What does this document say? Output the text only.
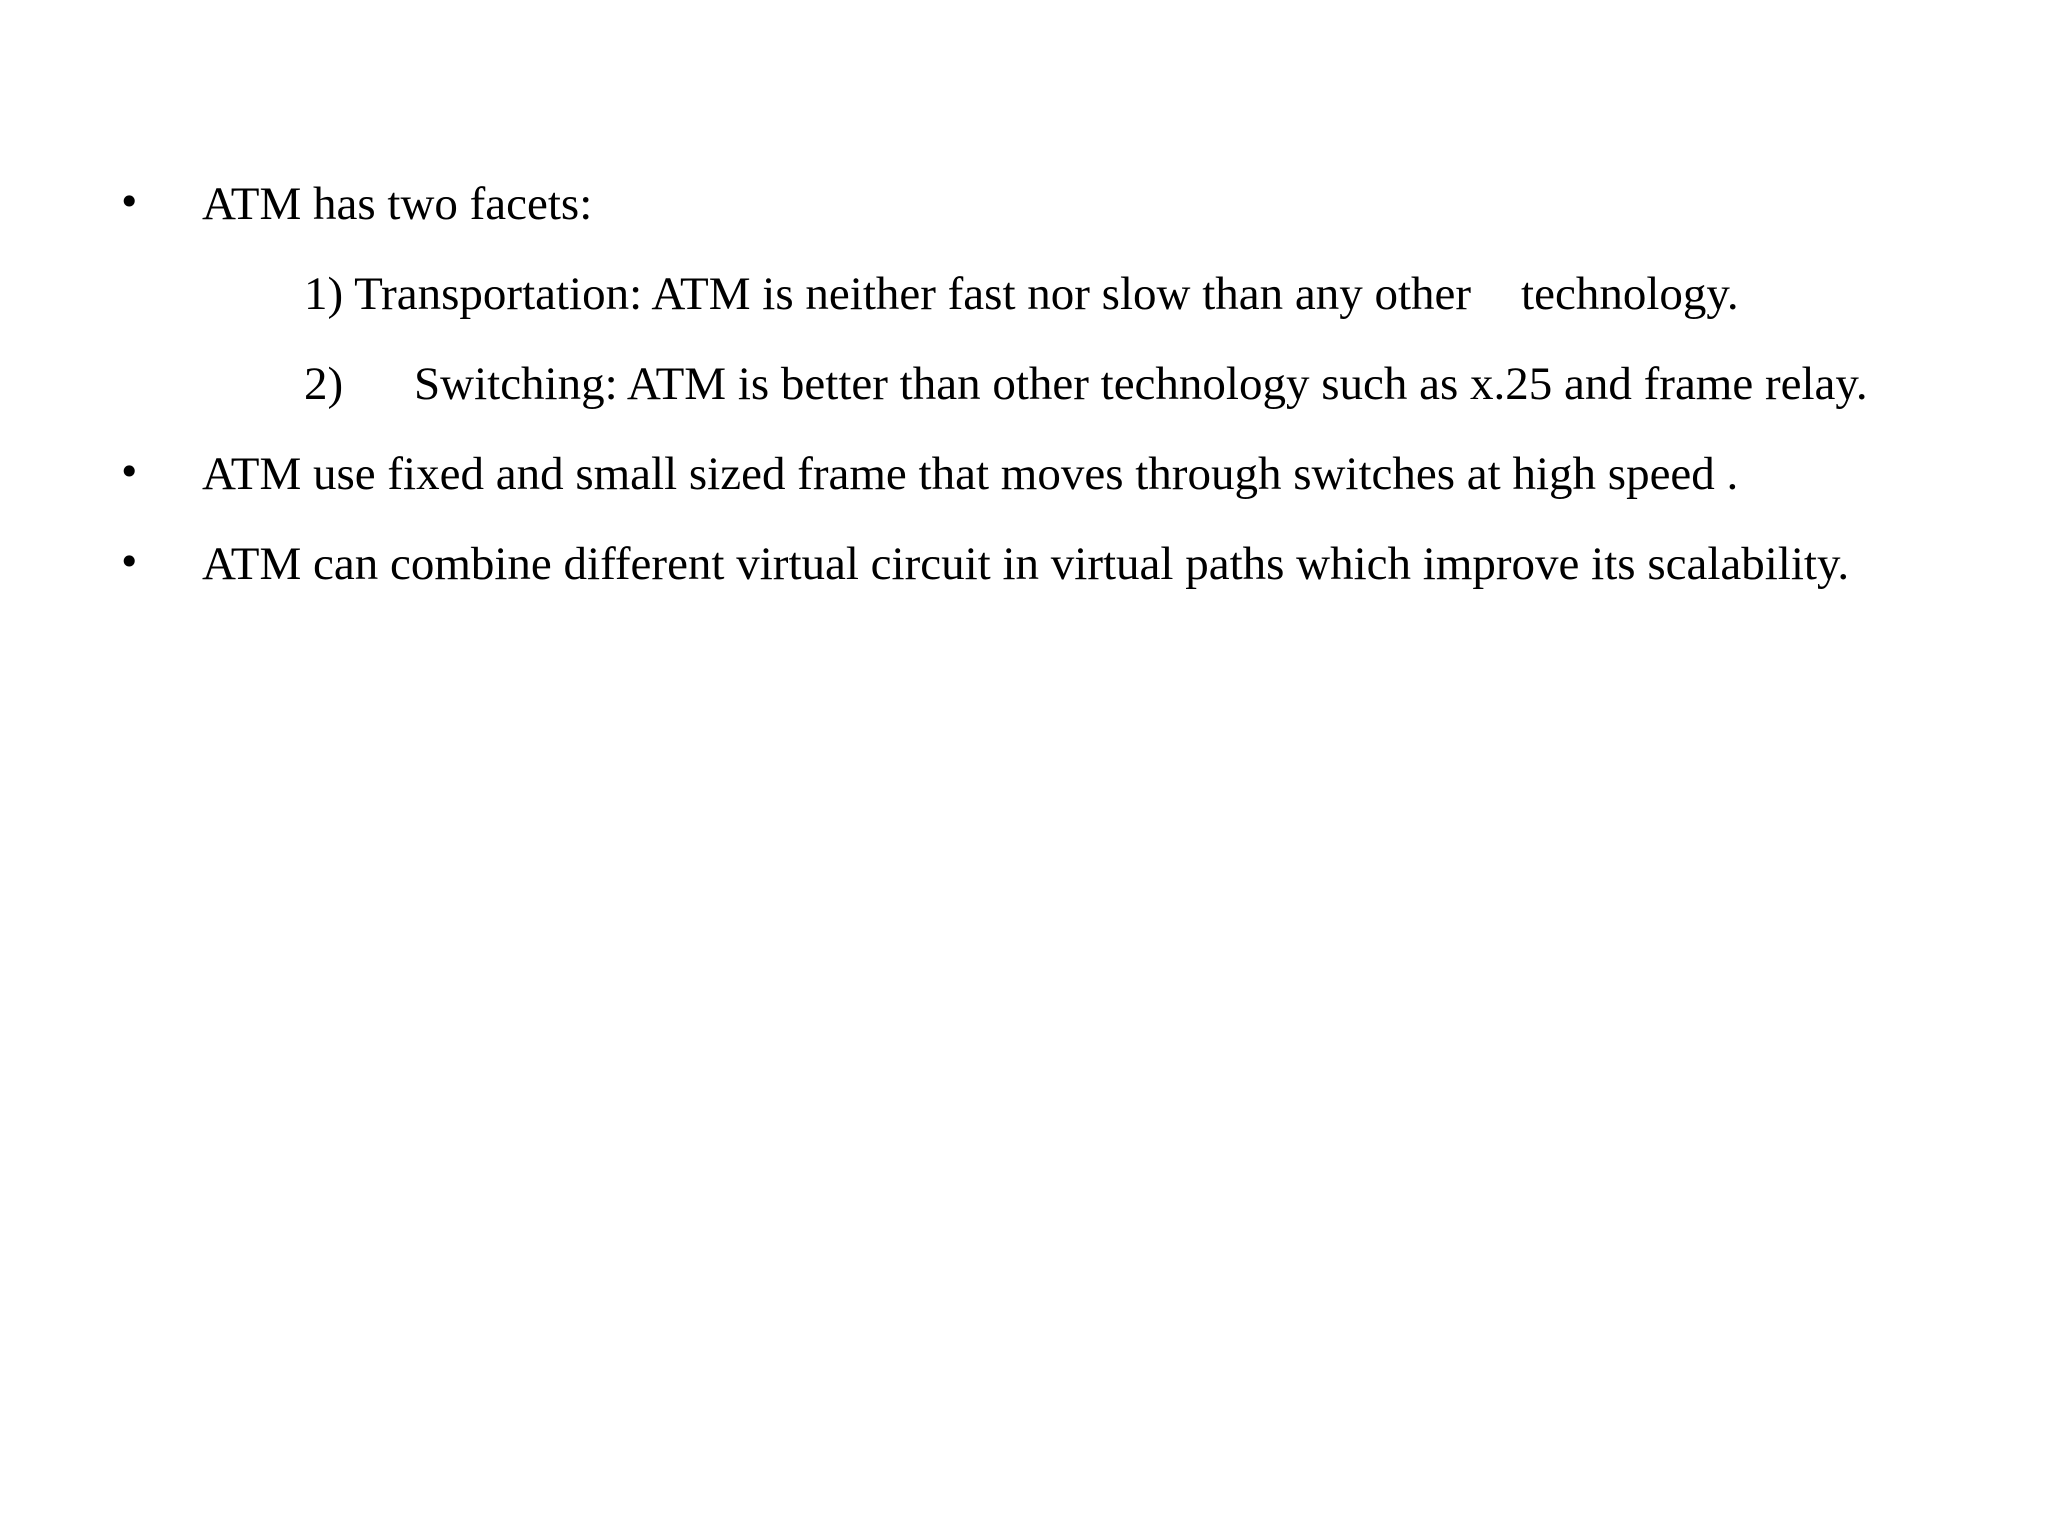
•	ATM has two facets:
1) Transportation: ATM is neither fast nor slow than any other technology.
2) Switching: ATM is better than other technology such as x.25 and frame relay.
•	ATM use fixed and small sized frame that moves through switches at high speed .
•	ATM can combine different virtual circuit in virtual paths which improve its scalability.
